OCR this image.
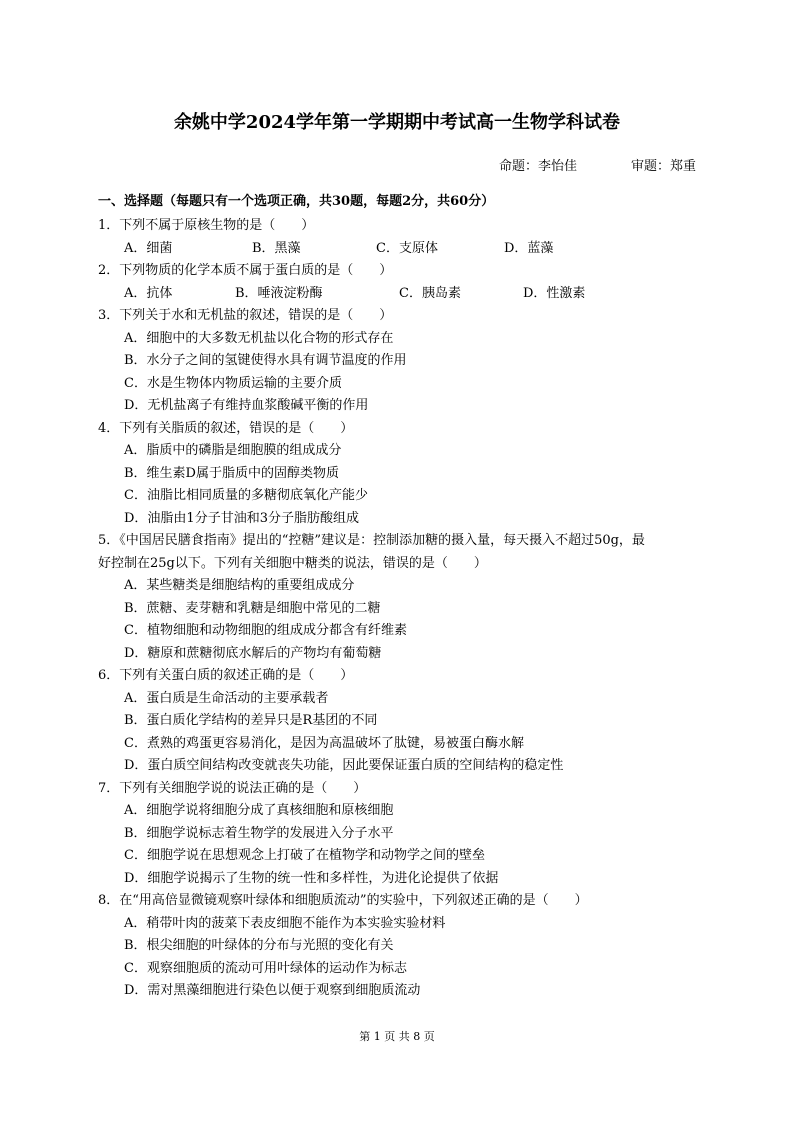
余姚中学2024学年第一学期期中考试高一生物学科试卷
命题：李怡佳	审题：郑重
一、选择题（每题只有一个选项正确，共30题，每题2分，共60分）
1．下列不属于原核生物的是（　　）
A．细菌	B．黑藻	C．支原体	D．蓝藻
2．下列物质的化学本质不属于蛋白质的是（　　）
A．抗体	B．唾液淀粉酶	C．胰岛素	D．性激素
3．下列关于水和无机盐的叙述，错误的是（　　）
A．细胞中的大多数无机盐以化合物的形式存在
B．水分子之间的氢键使得水具有调节温度的作用
C．水是生物体内物质运输的主要介质
D．无机盐离子有维持血浆酸碱平衡的作用
4．下列有关脂质的叙述，错误的是（　　）
A．脂质中的磷脂是细胞膜的组成成分
B．维生素D属于脂质中的固醇类物质
C．油脂比相同质量的多糖彻底氧化产能少
D．油脂由1分子甘油和3分子脂肪酸组成
5．《中国居民膳食指南》提出的“控糖”建议是：控制添加糖的摄入量，每天摄入不超过50g，最
好控制在25g以下。下列有关细胞中糖类的说法，错误的是（　　）
A．某些糖类是细胞结构的重要组成成分
B．蔗糖、麦芽糖和乳糖是细胞中常见的二糖
C．植物细胞和动物细胞的组成成分都含有纤维素
D．糖原和蔗糖彻底水解后的产物均有葡萄糖
6．下列有关蛋白质的叙述正确的是（　　）
A．蛋白质是生命活动的主要承载者
B．蛋白质化学结构的差异只是R基团的不同
C．煮熟的鸡蛋更容易消化，是因为高温破坏了肽键，易被蛋白酶水解
D．蛋白质空间结构改变就丧失功能，因此要保证蛋白质的空间结构的稳定性
7．下列有关细胞学说的说法正确的是（　　）
A．细胞学说将细胞分成了真核细胞和原核细胞
B．细胞学说标志着生物学的发展进入分子水平
C．细胞学说在思想观念上打破了在植物学和动物学之间的壁垒
D．细胞学说揭示了生物的统一性和多样性，为进化论提供了依据
8．在“用高倍显微镜观察叶绿体和细胞质流动”的实验中，下列叙述正确的是（　　）
A．稍带叶肉的菠菜下表皮细胞不能作为本实验实验材料
B．根尖细胞的叶绿体的分布与光照的变化有关
C．观察细胞质的流动可用叶绿体的运动作为标志
D．需对黑藻细胞进行染色以便于观察到细胞质流动
第 1 页 共 8 页
